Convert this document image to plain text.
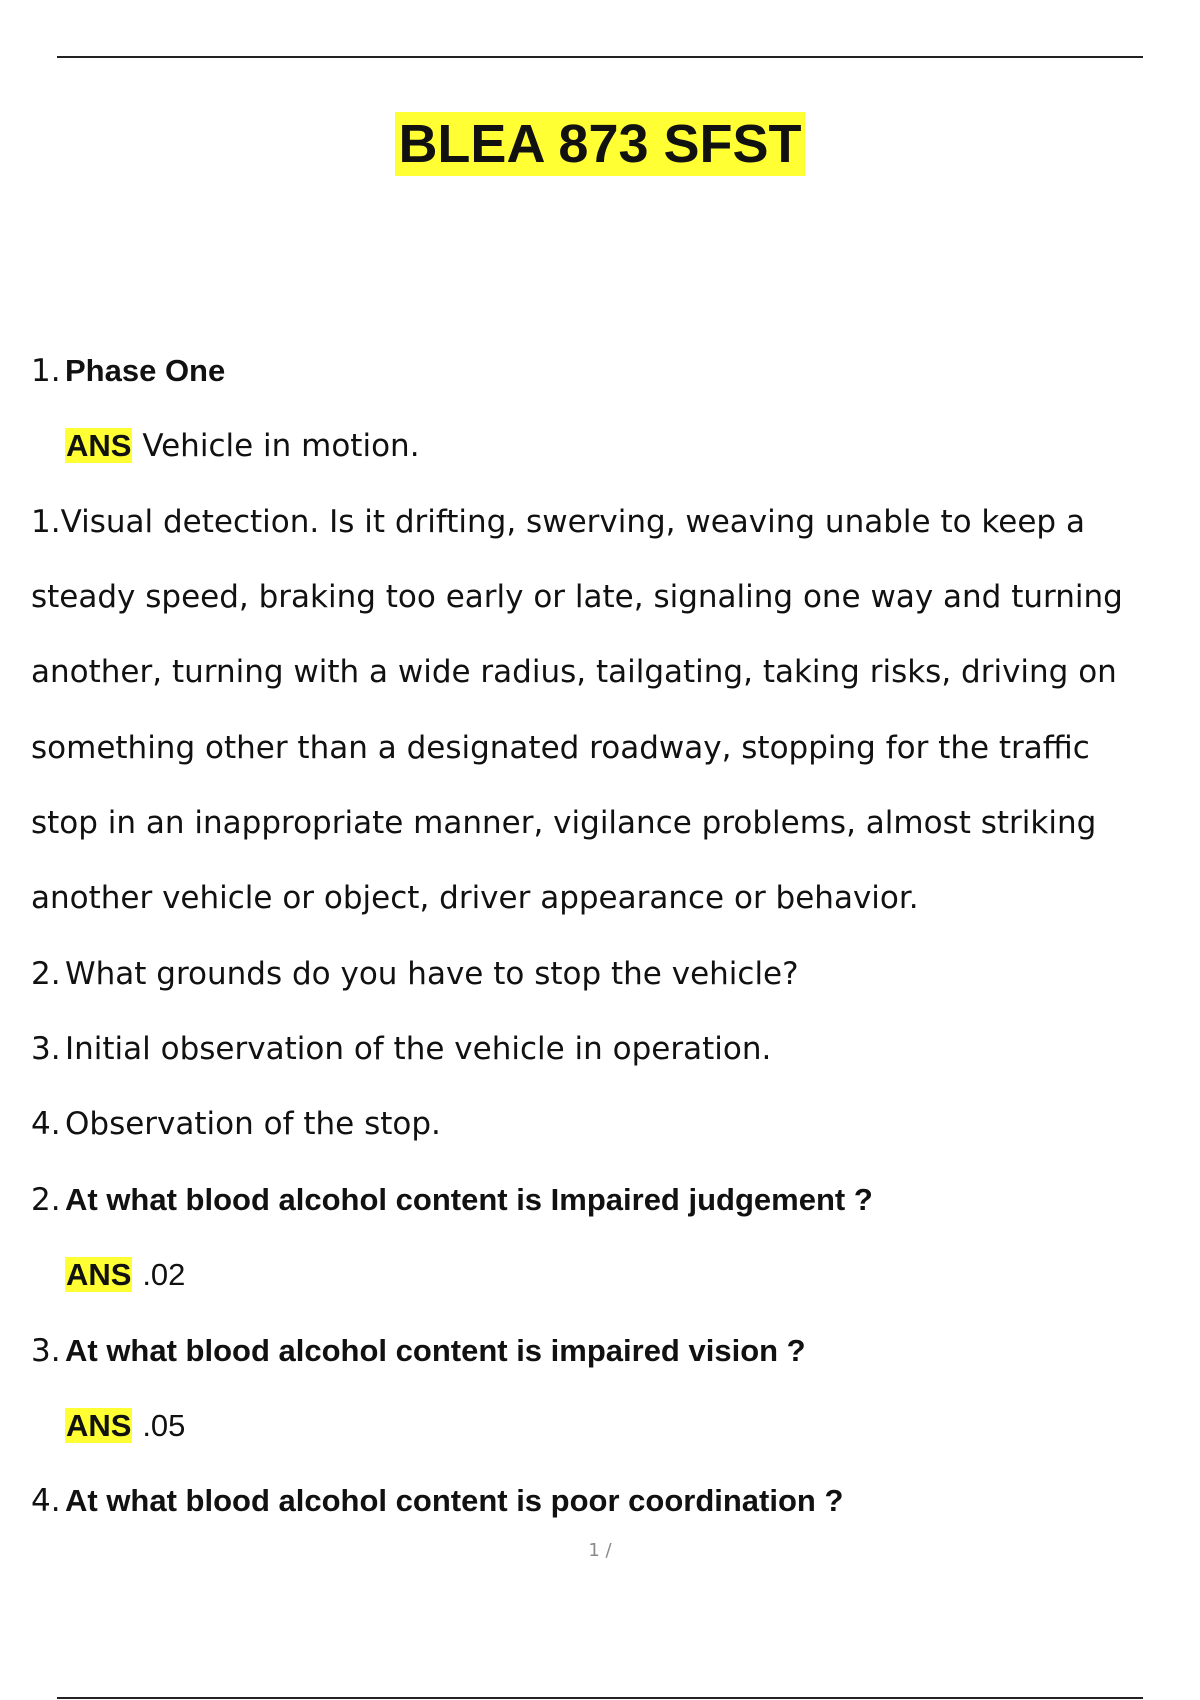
BLEA 873 SFST
1. Phase One
ANS Vehicle in motion.
1.Visual detection. Is it drifting, swerving, weaving unable to keep a
steady speed, braking too early or late, signaling one way and turning
another, turning with a wide radius, tailgating, taking risks, driving on
something other than a designated roadway, stopping for the traffic
stop in an inappropriate manner, vigilance problems, almost striking
another vehicle or object, driver appearance or behavior.
2. What grounds do you have to stop the vehicle?
3. Initial observation of the vehicle in operation.
4. Observation of the stop.
2. At what blood alcohol content is Impaired judgement ?
ANS .02
3. At what blood alcohol content is impaired vision ?
ANS .05
4. At what blood alcohol content is poor coordination ?
1 /
